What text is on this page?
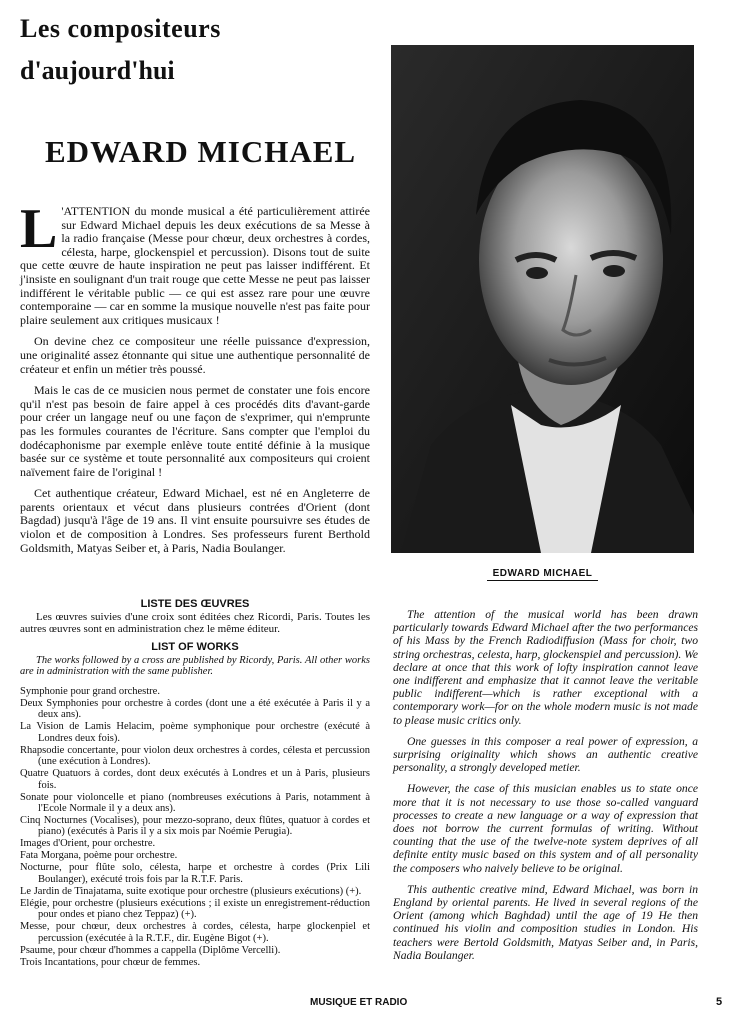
Les compositeurs
d'aujourd'hui
EDWARD MICHAEL

L 'ATTENTION du monde musical a été particulièrement attirée sur Edward Michael depuis les deux exécutions de sa Messe à la radio française (Messe pour chœur, deux orchestres à cordes, célesta, harpe, glockenspiel et percussion). Disons tout de suite que cette œuvre de haute inspiration ne peut pas laisser indifférent. Et j'insiste en soulignant d'un trait rouge que cette Messe ne peut pas laisser indifférent le véritable public — ce qui est assez rare pour une œuvre contemporaine — car en somme la musique nouvelle n'est pas faite pour plaire seulement aux critiques musicaux !

On devine chez ce compositeur une réelle puissance d'expression, une originalité assez étonnante qui situe une authentique personnalité de créateur et enfin un métier très poussé.

Mais le cas de ce musicien nous permet de constater une fois encore qu'il n'est pas besoin de faire appel à ces procédés dits d'avant-garde pour créer un langage neuf ou une façon de s'exprimer, qui n'emprunte pas les formules courantes de l'écriture. Sans compter que l'emploi du dodécaphonisme par exemple enlève toute entité définie à la musique basée sur ce système et toute personnalité aux compositeurs qui croient naïvement faire de l'original !

Cet authentique créateur, Edward Michael, est né en Angleterre de parents orientaux et vécut dans plusieurs contrées d'Orient (dont Bagdad) jusqu'à l'âge de 19 ans. Il vint ensuite poursuivre ses études de violon et de composition à Londres. Ses professeurs furent Berthold Goldsmith, Matyas Seiber et, à Paris, Nadia Boulanger.

EDWARD MICHAEL
LISTE DES ŒUVRES
Les œuvres suivies d'une croix sont éditées chez Ricordi, Paris. Toutes les autres œuvres sont en administration chez le même éditeur.
LIST OF WORKS
The works followed by a cross are published by Ricordy, Paris. All other works are in administration with the same publisher.
Symphonie pour grand orchestre.
Deux Symphonies pour orchestre à cordes (dont une a été exécutée à Paris il y a deux ans).
La Vision de Lamis Helacim, poème symphonique pour orchestre (exécuté à Londres deux fois).
Rhapsodie concertante, pour violon deux orchestres à cordes, célesta et percussion (une exécution à Londres).
Quatre Quatuors à cordes, dont deux exécutés à Londres et un à Paris, plusieurs fois.
Sonate pour violoncelle et piano (nombreuses exécutions à Paris, notamment à l'Ecole Normale il y a deux ans).
Cinq Nocturnes (Vocalises), pour mezzo-soprano, deux flûtes, quatuor à cordes et piano) (exécutés à Paris il y a six mois par Noémie Perugia).
Images d'Orient, pour orchestre.
Fata Morgana, poème pour orchestre.
Nocturne, pour flûte solo, célesta, harpe et orchestre à cordes (Prix Lili Boulanger), exécuté trois fois par la R.T.F. Paris.
Le Jardin de Tinajatama, suite exotique pour orchestre (plusieurs exécutions) (+).
Elégie, pour orchestre (plusieurs exécutions ; il existe un enregistrement-réduction pour ondes et piano chez Teppaz) (+).
Messe, pour chœur, deux orchestres à cordes, célesta, harpe glockenpiel et percussion (exécutée à la R.T.F., dir. Eugène Bigot (+).
Psaume, pour chœur d'hommes a cappella (Diplôme Vercelli).
Trois Incantations, pour chœur de femmes.

The attention of the musical world has been drawn particularly towards Edward Michael after the two performances of his Mass by the French Radiodiffusion (Mass for choir, two string orchestras, celesta, harp, glockenspiel and percussion). We declare at once that this work of lofty inspiration cannot leave one indifferent and emphasize that it cannot leave the veritable public indifferent—which is rather exceptional with a contemporary work—for on the whole modern music is not made to please music critics only.

One guesses in this composer a real power of expression, a surprising originality which shows an authentic creative personality, a strongly developed metier.

However, the case of this musician enables us to state once more that it is not necessary to use those so-called vanguard processes to create a new language or a way of expression that does not borrow the current formulas of writing. Without counting that the use of the twelve-note system deprives of all definite entity music based on this system and of all personality the composers who naively believe to be original.

This authentic creative mind, Edward Michael, was born in England by oriental parents. He lived in several regions of the Orient (among which Baghdad) until the age of 19 He then continued his violin and composition studies in London. His teachers were Bertold Goldsmith, Matyas Seiber and, in Paris, Nadia Boulanger.

MUSIQUE ET RADIO	5
